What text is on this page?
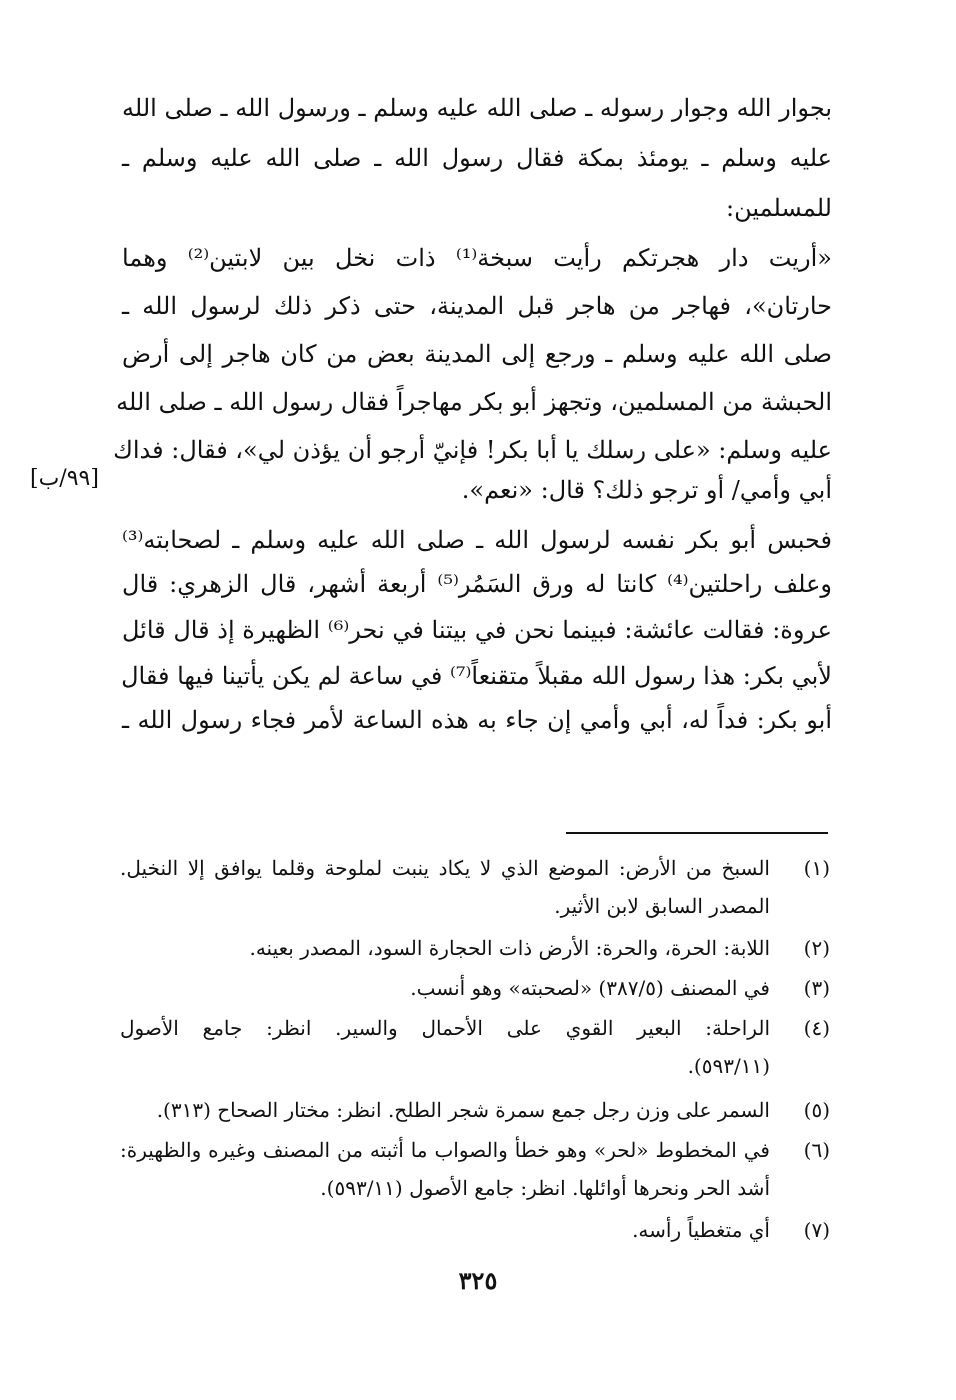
بجوار الله وجوار رسوله ـ صلى الله عليه وسلم ـ ورسول الله ـ صلى الله
عليه وسلم ـ يومئذ بمكة فقال رسول الله ـ صلى الله عليه وسلم ـ
للمسلمين:
«أريت دار هجرتكم رأيت سبخة⁽¹⁾ ذات نخل بين لابتين⁽²⁾ وهما
حارتان»، فهاجر من هاجر قبل المدينة، حتى ذكر ذلك لرسول الله ـ
صلى الله عليه وسلم ـ ورجع إلى المدينة بعض من كان هاجر إلى أرض
الحبشة من المسلمين، وتجهز أبو بكر مهاجراً فقال رسول الله ـ صلى الله
عليه وسلم: «على رسلك يا أبا بكر! فإنيّ أرجو أن يؤذن لي»، فقال: فداك
أبي وأمي/ أو ترجو ذلك؟ قال: «نعم».
فحبس أبو بكر نفسه لرسول الله ـ صلى الله عليه وسلم ـ لصحابته⁽³⁾
وعلف راحلتين⁽⁴⁾ كانتا له ورق السَمُر⁽⁵⁾ أربعة أشهر، قال الزهري: قال
عروة: فقالت عائشة: فبينما نحن في بيتنا في نحر⁽⁶⁾ الظهيرة إذ قال قائل
لأبي بكر: هذا رسول الله مقبلاً متقنعاً⁽⁷⁾ في ساعة لم يكن يأتينا فيها فقال
أبو بكر: فداً له، أبي وأمي إن جاء به هذه الساعة لأمر فجاء رسول الله ـ
[٩٩/ب]
(١)
السبخ من الأرض: الموضع الذي لا يكاد ينبت لملوحة وقلما يوافق إلا النخيل.
المصدر السابق لابن الأثير.
(٢)
اللابة: الحرة، والحرة: الأرض ذات الحجارة السود، المصدر بعينه.
(٣)
في المصنف (٣٨٧/٥) «لصحبته» وهو أنسب.
(٤)
الراحلة: البعير القوي على الأحمال والسير. انظر: جامع الأصول
(٥٩٣/١١).
(٥)
السمر على وزن رجل جمع سمرة شجر الطلح. انظر: مختار الصحاح (٣١٣).
(٦)
في المخطوط «لحر» وهو خطأ والصواب ما أثبته من المصنف وغيره والظهيرة:
أشد الحر ونحرها أوائلها. انظر: جامع الأصول (٥٩٣/١١).
(٧)
أي متغطياً رأسه.
٣٢٥
